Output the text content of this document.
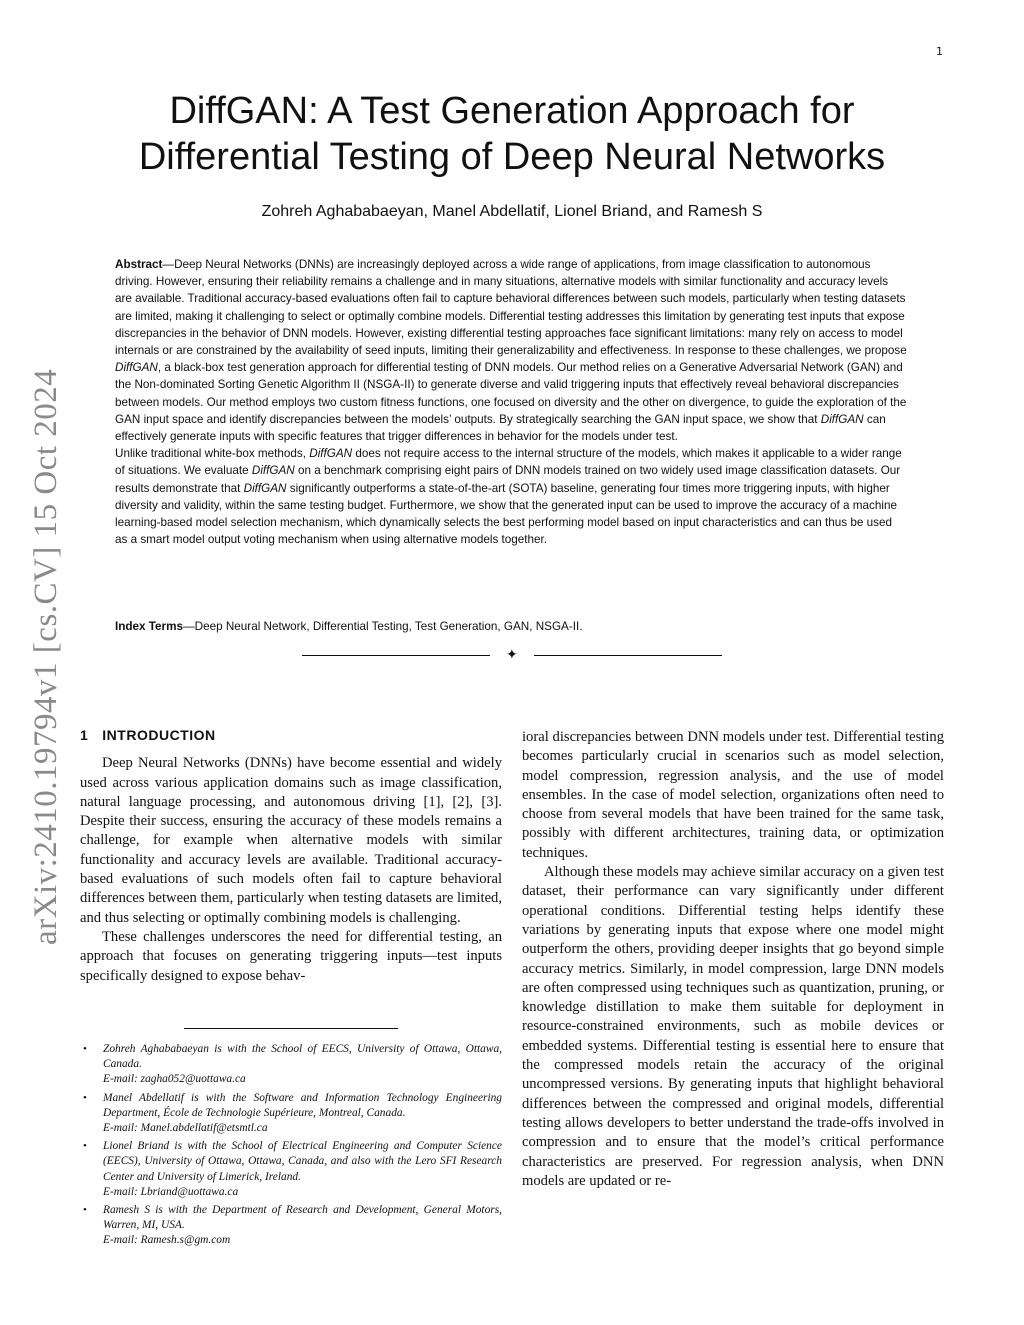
1
arXiv:2410.19794v1 [cs.CV] 15 Oct 2024
DiffGAN: A Test Generation Approach for
Differential Testing of Deep Neural Networks
Zohreh Aghababaeyan, Manel Abdellatif, Lionel Briand, and Ramesh S

Abstract—Deep Neural Networks (DNNs) are increasingly deployed across a wide range of applications, from image classification to autonomous driving. However, ensuring their reliability remains a challenge and in many situations, alternative models with similar functionality and accuracy levels are available. Traditional accuracy-based evaluations often fail to capture behavioral differences between such models, particularly when testing datasets are limited, making it challenging to select or optimally combine models. Differential testing addresses this limitation by generating test inputs that expose discrepancies in the behavior of DNN models. However, existing differential testing approaches face significant limitations: many rely on access to model internals or are constrained by the availability of seed inputs, limiting their generalizability and effectiveness. In response to these challenges, we propose DiffGAN, a black-box test generation approach for differential testing of DNN models. Our method relies on a Generative Adversarial Network (GAN) and the Non-dominated Sorting Genetic Algorithm II (NSGA-II) to generate diverse and valid triggering inputs that effectively reveal behavioral discrepancies between models. Our method employs two custom fitness functions, one focused on diversity and the other on divergence, to guide the exploration of the GAN input space and identify discrepancies between the models’ outputs. By strategically searching the GAN input space, we show that DiffGAN can effectively generate inputs with specific features that trigger differences in behavior for the models under test.

Unlike traditional white-box methods, DiffGAN does not require access to the internal structure of the models, which makes it applicable to a wider range of situations. We evaluate DiffGAN on a benchmark comprising eight pairs of DNN models trained on two widely used image classification datasets. Our results demonstrate that DiffGAN significantly outperforms a state-of-the-art (SOTA) baseline, generating four times more triggering inputs, with higher diversity and validity, within the same testing budget. Furthermore, we show that the generated input can be used to improve the accuracy of a machine learning-based model selection mechanism, which dynamically selects the best performing model based on input characteristics and can thus be used as a smart model output voting mechanism when using alternative models together.

Index Terms—Deep Neural Network, Differential Testing, Test Generation, GAN, NSGA-II.
✦
1 INTRODUCTION

Deep Neural Networks (DNNs) have become essential and widely used across various application domains such as image classification, natural language processing, and autonomous driving [1], [2], [3]. Despite their success, ensuring the accuracy of these models remains a challenge, for example when alternative models with similar functionality and accuracy levels are available. Traditional accuracy-based evaluations of such models often fail to capture behavioral differences between them, particularly when testing datasets are limited, and thus selecting or optimally combining models is challenging.

These challenges underscores the need for differential testing, an approach that focuses on generating triggering inputs—test inputs specifically designed to expose behav-

• Zohreh Aghababaeyan is with the School of EECS, University of Ottawa, Ottawa, Canada.
E-mail: zagha052@uottawa.ca
• Manel Abdellatif is with the Software and Information Technology Engineering Department, École de Technologie Supérieure, Montreal, Canada.
E-mail: Manel.abdellatif@etsmtl.ca
• Lionel Briand is with the School of Electrical Engineering and Computer Science (EECS), University of Ottawa, Ottawa, Canada, and also with the Lero SFI Research Center and University of Limerick, Ireland.
E-mail: Lbriand@uottawa.ca
• Ramesh S is with the Department of Research and Development, General Motors, Warren, MI, USA.
E-mail: Ramesh.s@gm.com

ioral discrepancies between DNN models under test. Differential testing becomes particularly crucial in scenarios such as model selection, model compression, regression analysis, and the use of model ensembles. In the case of model selection, organizations often need to choose from several models that have been trained for the same task, possibly with different architectures, training data, or optimization techniques.

Although these models may achieve similar accuracy on a given test dataset, their performance can vary significantly under different operational conditions. Differential testing helps identify these variations by generating inputs that expose where one model might outperform the others, providing deeper insights that go beyond simple accuracy metrics. Similarly, in model compression, large DNN models are often compressed using techniques such as quantization, pruning, or knowledge distillation to make them suitable for deployment in resource-constrained environments, such as mobile devices or embedded systems. Differential testing is essential here to ensure that the compressed models retain the accuracy of the original uncompressed versions. By generating inputs that highlight behavioral differences between the compressed and original models, differential testing allows developers to better understand the trade-offs involved in compression and to ensure that the model’s critical performance characteristics are preserved. For regression analysis, when DNN models are updated or re-
